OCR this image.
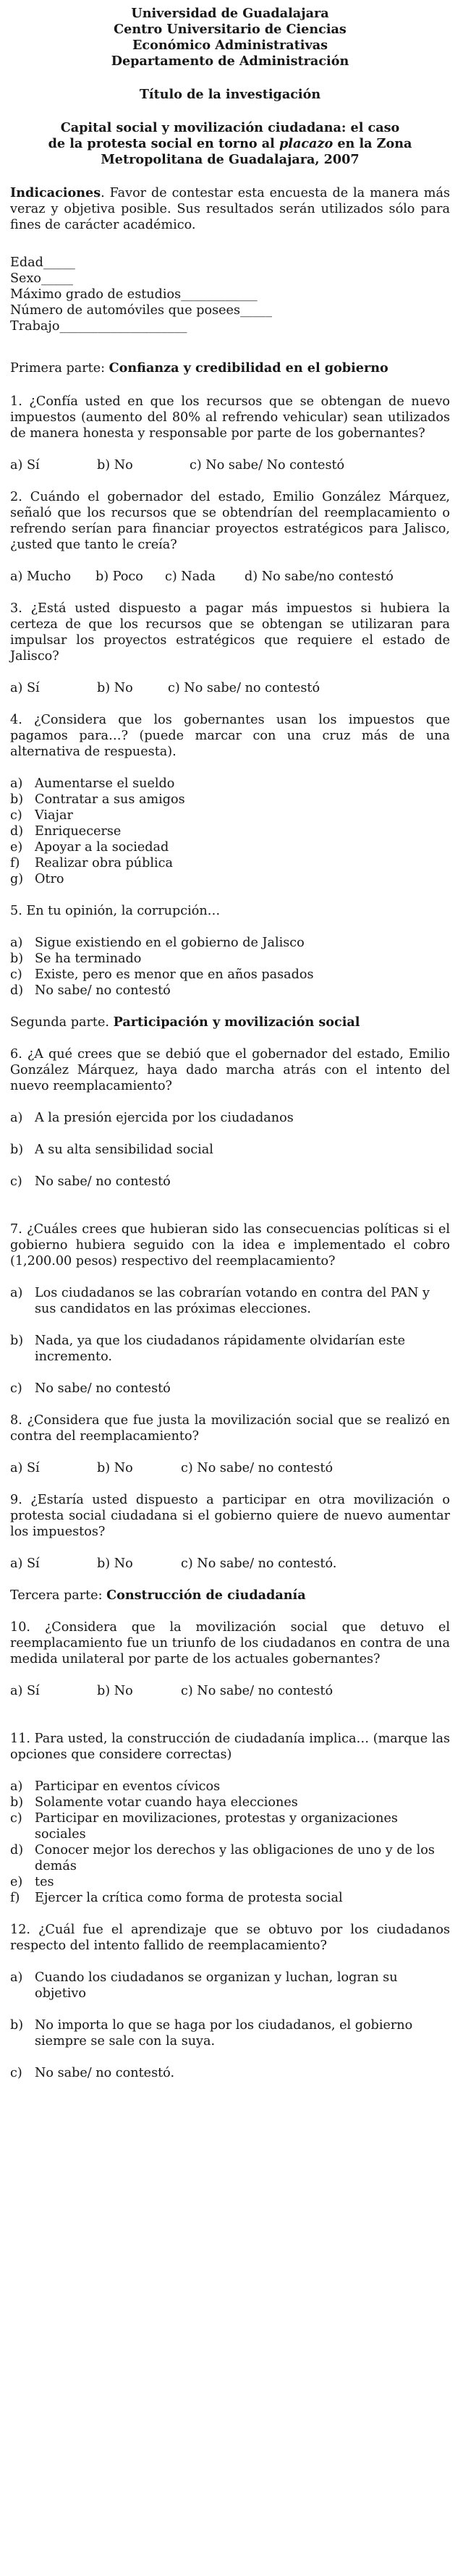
Universidad de Guadalajara
Centro Universitario de Ciencias
Económico Administrativas
Departamento de Administración
Título de la investigación
Capital social y movilización ciudadana: el caso
de la protesta social en torno al placazo en la Zona
Metropolitana de Guadalajara, 2007

Indicaciones. Favor de contestar esta encuesta de la manera más veraz y objetiva posible. Sus resultados serán utilizados sólo para fines de carácter académico.

Edad_____
Sexo_____
Máximo grado de estudios____________
Número de automóviles que posees_____
Trabajo____________________
Primera parte: Confianza y credibilidad en el gobierno

1. ¿Confía usted en que los recursos que se obtengan de nuevo impuestos (aumento del 80% al refrendo vehicular) sean utilizados de manera honesta y responsable por parte de los gobernantes?

a) Sí	b) No	c) No sabe/ No contestó

2. Cuándo el gobernador del estado, Emilio González Márquez, señaló que los recursos que se obtendrían del reemplacamiento o refrendo serían para financiar proyectos estratégicos para Jalisco, ¿usted que tanto le creía?

a) Mucho	b) Poco	c) Nada	d) No sabe/no contestó

3. ¿Está usted dispuesto a pagar más impuestos si hubiera la certeza de que los recursos que se obtengan se utilizaran para impulsar los proyectos estratégicos que requiere el estado de Jalisco?

a) Sí	b) No	c) No sabe/ no contestó

4. ¿Considera que los gobernantes usan los impuestos que pagamos para…? (puede marcar con una cruz más de una alternativa de respuesta).

a) Aumentarse el sueldo
b) Contratar a sus amigos
c) Viajar
d) Enriquecerse
e) Apoyar a la sociedad
f)	Realizar obra pública
g) Otro

5. En tu opinión, la corrupción…

a) Sigue existiendo en el gobierno de Jalisco
b) Se ha terminado
c) Existe, pero es menor que en años pasados
d) No sabe/ no contestó
Segunda parte. Participación y movilización social

6. ¿A qué crees que se debió que el gobernador del estado, Emilio González Márquez, haya dado marcha atrás con el intento del nuevo reemplacamiento?

a) A la presión ejercida por los ciudadanos
b) A su alta sensibilidad social
c) No sabe/ no contestó

7. ¿Cuáles crees que hubieran sido las consecuencias políticas si el gobierno hubiera seguido con la idea e implementado el cobro (1,200.00 pesos) respectivo del reemplacamiento?

a) Los ciudadanos se las cobrarían votando en contra del PAN y sus candidatos en las próximas elecciones.
b) Nada, ya que los ciudadanos rápidamente olvidarían este incremento.
c) No sabe/ no contestó

8. ¿Considera que fue justa la movilización social que se realizó en contra del reemplacamiento?

a) Sí	b) No	c) No sabe/ no contestó

9. ¿Estaría usted dispuesto a participar en otra movilización o protesta social ciudadana si el gobierno quiere de nuevo aumentar los impuestos?

a) Sí	b) No	c) No sabe/ no contestó.
Tercera parte: Construcción de ciudadanía

10. ¿Considera que la movilización social que detuvo el reemplacamiento fue un triunfo de los ciudadanos en contra de una medida unilateral por parte de los actuales gobernantes?

a) Sí	b) No	c) No sabe/ no contestó

11. Para usted, la construcción de ciudadanía implica… (marque las opciones que considere correctas)

a) Participar en eventos cívicos
b) Solamente votar cuando haya elecciones
c) Participar en movilizaciones, protestas y organizaciones sociales
d) Conocer mejor los derechos y las obligaciones de uno y de los demás
e) tes
f)	Ejercer la crítica como forma de protesta social

12. ¿Cuál fue el aprendizaje que se obtuvo por los ciudadanos respecto del intento fallido de reemplacamiento?

a) Cuando los ciudadanos se organizan y luchan, logran su objetivo
b) No importa lo que se haga por los ciudadanos, el gobierno siempre se sale con la suya.
c) No sabe/ no contestó.
